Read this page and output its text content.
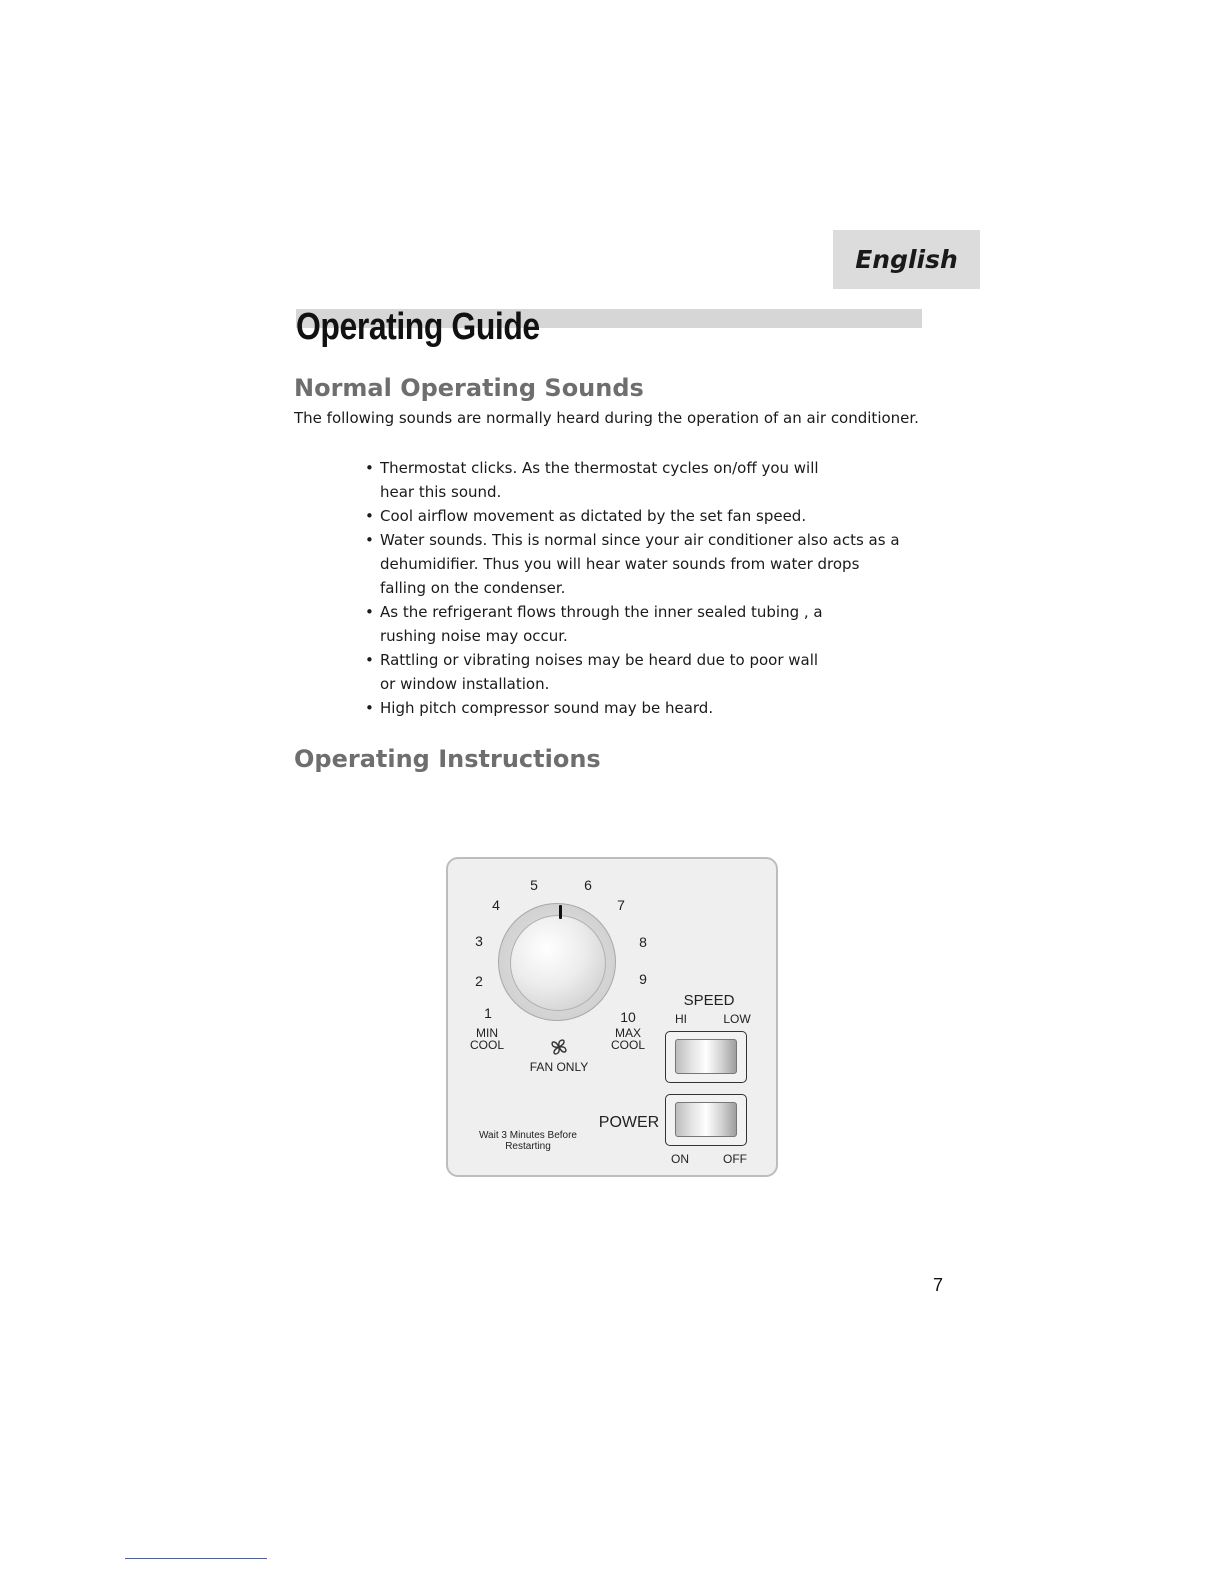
English
Operating Guide
Normal Operating Sounds

The following sounds are normally heard during the operation of an air conditioner.

• Thermostat clicks. As the thermostat cycles on/off you will
hear this sound.
• Cool airflow movement as dictated by the set fan speed.
• Water sounds. This is normal since your air conditioner also acts as a
dehumidifier. Thus you will hear water sounds from water drops
falling on the condenser.
• As the refrigerant flows through the inner sealed tubing , a
rushing noise may occur.
• Rattling or vibrating noises may be heard due to poor wall
or window installation.
• High pitch compressor sound may be heard.
Operating Instructions
1
2
3
4
5	6
7
8
9
10
MIN
COOL
MAX
COOL
FAN ONLY
SPEED
HI	LOW
POWER
ON	OFF
Wait 3 Minutes Before
Restarting
7
